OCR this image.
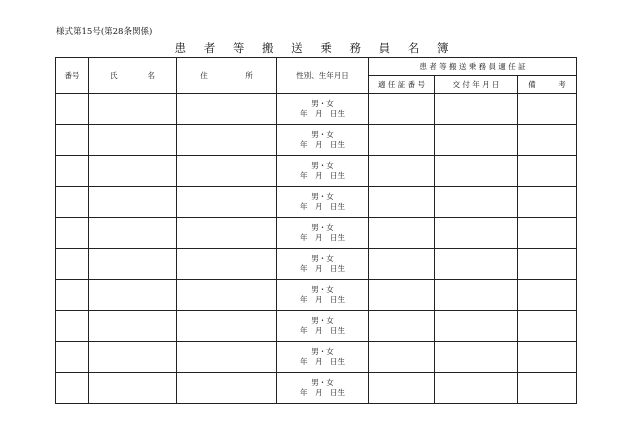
様式第15号(第28条関係)
患 者 等 搬 送 乗 務 員 名 簿
番号	氏　　　　名	住　　　　　所	性別、生年月日	患 者 等 搬 送 乗 務 員 適 任 証		
				適 任 証 番 号	交 付 年 月 日	備　　　考

			男・女
年　月　日生			

			男・女
年　月　日生			

			男・女
年　月　日生			

			男・女
年　月　日生			

			男・女
年　月　日生			

			男・女
年　月　日生			

			男・女
年　月　日生			

			男・女
年　月　日生			

			男・女
年　月　日生			

			男・女
年　月　日生			
